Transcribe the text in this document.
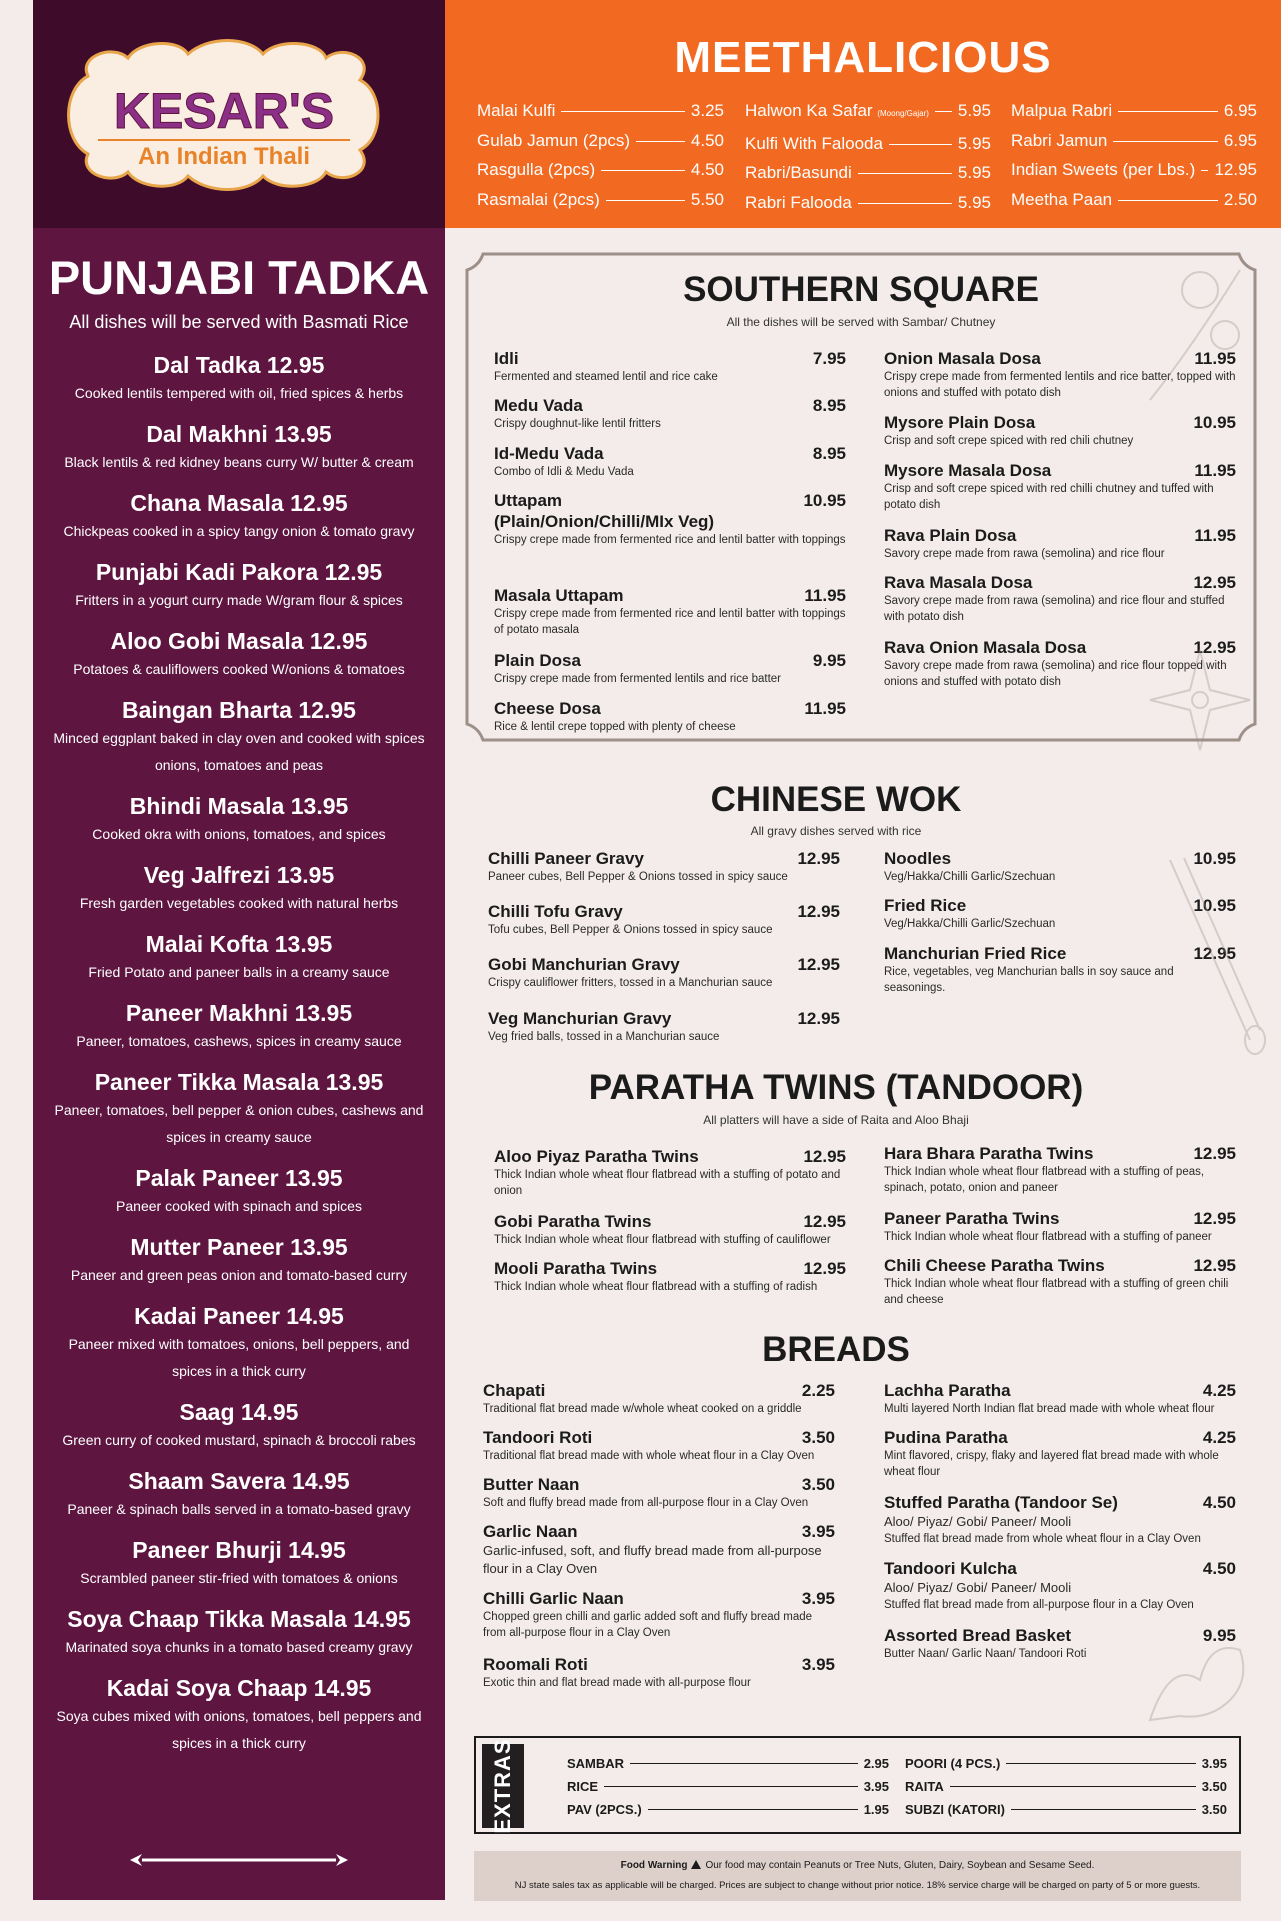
KESAR'S
An Indian Thali
PUNJABI TADKA
All dishes will be served with Basmati Rice
Dal Tadka 12.95
Cooked lentils tempered with oil, fried spices & herbs
Dal Makhni 13.95
Black lentils & red kidney beans curry W/ butter & cream
Chana Masala 12.95
Chickpeas cooked in a spicy tangy onion & tomato gravy
Punjabi Kadi Pakora 12.95
Fritters in a yogurt curry made W/gram flour & spices
Aloo Gobi Masala 12.95
Potatoes & cauliflowers cooked W/onions & tomatoes
Baingan Bharta 12.95
Minced eggplant baked in clay oven and cooked with spices onions, tomatoes and peas
Bhindi Masala 13.95
Cooked okra with onions, tomatoes, and spices
Veg Jalfrezi 13.95
Fresh garden vegetables cooked with natural herbs
Malai Kofta 13.95
Fried Potato and paneer balls in a creamy sauce
Paneer Makhni 13.95
Paneer, tomatoes, cashews, spices in creamy sauce
Paneer Tikka Masala 13.95
Paneer, tomatoes, bell pepper & onion cubes, cashews and spices in creamy sauce
Palak Paneer 13.95
Paneer cooked with spinach and spices
Mutter Paneer 13.95
Paneer and green peas onion and tomato-based curry
Kadai Paneer 14.95
Paneer mixed with tomatoes, onions, bell peppers, and spices in a thick curry
Saag 14.95
Green curry of cooked mustard, spinach & broccoli rabes
Shaam Savera 14.95
Paneer & spinach balls served in a tomato-based gravy
Paneer Bhurji 14.95
Scrambled paneer stir-fried with tomatoes & onions
Soya Chaap Tikka Masala 14.95
Marinated soya chunks in a tomato based creamy gravy
Kadai Soya Chaap 14.95
Soya cubes mixed with onions, tomatoes, bell peppers and spices in a thick curry
MEETHALICIOUS
Malai Kulfi	3.25
Gulab Jamun (2pcs)	4.50
Rasgulla (2pcs)	4.50
Rasmalai (2pcs)	5.50
Halwon Ka Safar (Moong/Gajar) 5.95
Kulfi With Falooda	5.95
Rabri/Basundi	5.95
Rabri Falooda	5.95
Malpua Rabri	6.95
Rabri Jamun	6.95
Indian Sweets (per Lbs.) 12.95
Meetha Paan	2.50
SOUTHERN SQUARE
All the dishes will be served with Sambar/ Chutney
Idli	7.95
Fermented and steamed lentil and rice cake
Medu Vada	8.95
Crispy doughnut-like lentil fritters
Id-Medu Vada	8.95
Combo of Idli & Medu Vada
Uttapam	10.95
(Plain/Onion/Chilli/MIx Veg)
Crispy crepe made from fermented rice and lentil batter with toppings
Masala Uttapam	11.95
Crispy crepe made from fermented rice and lentil batter with toppings of potato masala
Plain Dosa	9.95
Crispy crepe made from fermented lentils and rice batter
Cheese Dosa	11.95
Rice & lentil crepe topped with plenty of cheese
Onion Masala Dosa	11.95
Crispy crepe made from fermented lentils and rice batter, topped with onions and stuffed with potato dish
Mysore Plain Dosa	10.95
Crisp and soft crepe spiced with red chili chutney
Mysore Masala Dosa	11.95
Crisp and soft crepe spiced with red chilli chutney and tuffed with potato dish
Rava Plain Dosa	11.95
Savory crepe made from rawa (semolina) and rice flour
Rava Masala Dosa	12.95
Savory crepe made from rawa (semolina) and rice flour and stuffed with potato dish
Rava Onion Masala Dosa	12.95
Savory crepe made from rawa (semolina) and rice flour topped with onions and stuffed with potato dish
CHINESE WOK
All gravy dishes served with rice
Chilli Paneer Gravy	12.95
Paneer cubes, Bell Pepper & Onions tossed in spicy sauce
Chilli Tofu Gravy	12.95
Tofu cubes, Bell Pepper & Onions tossed in spicy sauce
Gobi Manchurian Gravy	12.95
Crispy cauliflower fritters, tossed in a Manchurian sauce
Veg Manchurian Gravy	12.95
Veg fried balls, tossed in a Manchurian sauce
Noodles	10.95
Veg/Hakka/Chilli Garlic/Szechuan
Fried Rice	10.95
Veg/Hakka/Chilli Garlic/Szechuan
Manchurian Fried Rice	12.95
Rice, vegetables, veg Manchurian balls in soy sauce and seasonings.
PARATHA TWINS (TANDOOR)
All platters will have a side of Raita and Aloo Bhaji
Aloo Piyaz Paratha Twins	12.95
Thick Indian whole wheat flour flatbread with a stuffing of potato and onion
Gobi Paratha Twins	12.95
Thick Indian whole wheat flour flatbread with stuffing of cauliflower
Mooli Paratha Twins	12.95
Thick Indian whole wheat flour flatbread with a stuffing of radish
Hara Bhara Paratha Twins	12.95
Thick Indian whole wheat flour flatbread with a stuffing of peas, spinach, potato, onion and paneer
Paneer Paratha Twins	12.95
Thick Indian whole wheat flour flatbread with a stuffing of paneer
Chili Cheese Paratha Twins	12.95
Thick Indian whole wheat flour flatbread with a stuffing of green chili and cheese
BREADS
Chapati	2.25
Traditional flat bread made w/whole wheat cooked on a griddle
Tandoori Roti	3.50
Traditional flat bread made with whole wheat flour in a Clay Oven
Butter Naan	3.50
Soft and fluffy bread made from all-purpose flour in a Clay Oven
Garlic Naan	3.95
Garlic-infused, soft, and fluffy bread made from all-purpose flour in a Clay Oven
Chilli Garlic Naan	3.95
Chopped green chilli and garlic added soft and fluffy bread made from all-purpose flour in a Clay Oven
Roomali Roti	3.95
Exotic thin and flat bread made with all-purpose flour
Lachha Paratha	4.25
Multi layered North Indian flat bread made with whole wheat flour
Pudina Paratha	4.25
Mint flavored, crispy, flaky and layered flat bread made with whole wheat flour
Stuffed Paratha (Tandoor Se)	4.50
Aloo/ Piyaz/ Gobi/ Paneer/ Mooli
Stuffed flat bread made from whole wheat flour in a Clay Oven
Tandoori Kulcha	4.50
Aloo/ Piyaz/ Gobi/ Paneer/ Mooli
Stuffed flat bread made from all-purpose flour in a Clay Oven
Assorted Bread Basket	9.95
Butter Naan/ Garlic Naan/ Tandoori Roti
EXTRAS	SAMBAR	2.95
RICE	3.95
PAV (2PCS.)	1.95
POORI (4 PCS.)	3.95
RAITA	3.50
SUBZI (KATORI)	3.50
Food Warning Our food may contain Peanuts or Tree Nuts, Gluten, Dairy, Soybean and Sesame Seed.
NJ state sales tax as applicable will be charged. Prices are subject to change without prior notice. 18% service charge will be charged on party of 5 or more guests.
